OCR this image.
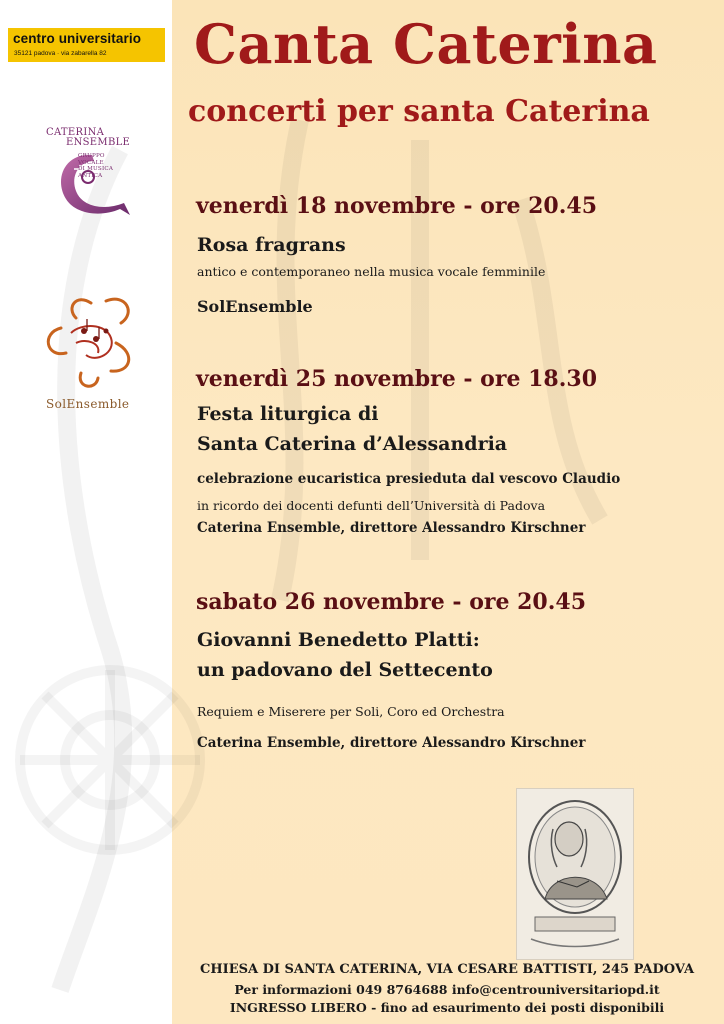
centro universitario
35121 padova · via zabarella 82
CATERINA
ENSEMBLE
GRUPPO
VOCALE
DI MUSICA
ANTICA
SolEnsemble
Canta Caterina
concerti per santa Caterina
venerdì 18 novembre - ore 20.45
Rosa fragrans
antico e contemporaneo nella musica vocale femminile
SolEnsemble
venerdì 25 novembre - ore 18.30
Festa liturgica di
Santa Caterina d’Alessandria
celebrazione eucaristica presieduta dal vescovo Claudio
in ricordo dei docenti defunti dell’Università di Padova
Caterina Ensemble, direttore Alessandro Kirschner
sabato 26 novembre - ore 20.45
Giovanni Benedetto Platti:
un padovano del Settecento
Requiem e Miserere per Soli, Coro ed Orchestra
Caterina Ensemble, direttore Alessandro Kirschner
CHIESA DI SANTA CATERINA, VIA CESARE BATTISTI, 245 PADOVA
Per informazioni 049 8764688 info@centrouniversitariopd.it
INGRESSO LIBERO - fino ad esaurimento dei posti disponibili
